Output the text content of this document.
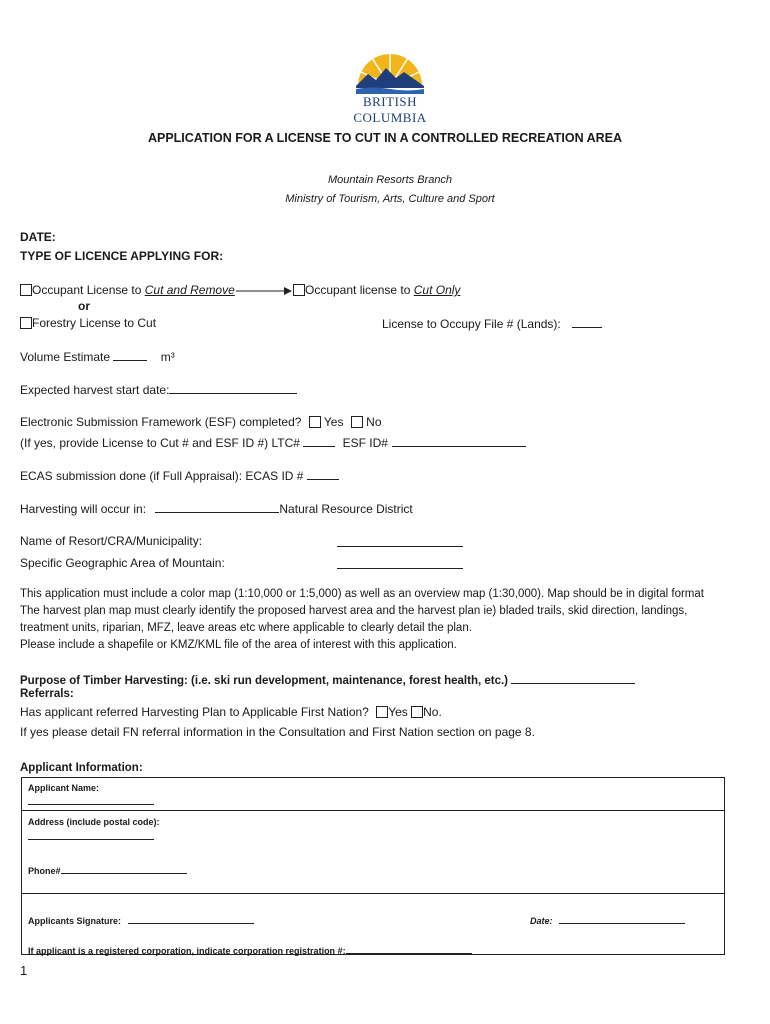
BRITISH
COLUMBIA
APPLICATION FOR A LICENSE TO CUT IN A CONTROLLED RECREATION AREA
Mountain Resorts Branch
Ministry of Tourism, Arts, Culture and Sport
DATE:
TYPE OF LICENCE APPLYING FOR:
Occupant License to Cut and Remove	Occupant license to Cut Only
or
Forestry License to Cut	License to Occupy File # (Lands):
Volume Estimate	m³
Expected harvest start date:
Electronic Submission Framework (ESF) completed? Yes No
(If yes, provide License to Cut # and ESF ID #) LTC#	ESF ID#
ECAS submission done (if Full Appraisal): ECAS ID #
Harvesting will occur in:	Natural Resource District
Name of Resort/CRA/Municipality:
Specific Geographic Area of Mountain:
This application must include a color map (1:10,000 or 1:5,000) as well as an overview map (1:30,000). Map should be in digital format
The harvest plan map must clearly identify the proposed harvest area and the harvest plan ie) bladed trails, skid direction, landings,
treatment units, riparian, MFZ, leave areas etc where applicable to clearly detail the plan.
Please include a shapefile or KMZ/KML file of the area of interest with this application.
Purpose of Timber Harvesting: (i.e. ski run development, maintenance, forest health, etc.)
Referrals:
Has applicant referred Harvesting Plan to Applicable First Nation? Yes No.
If yes please detail FN referral information in the Consultation and First Nation section on page 8.
Applicant Information:
Applicant Name:
Address (include postal code):
Phone#
Applicants Signature:	Date:
If applicant is a registered corporation, indicate corporation registration #:
1
